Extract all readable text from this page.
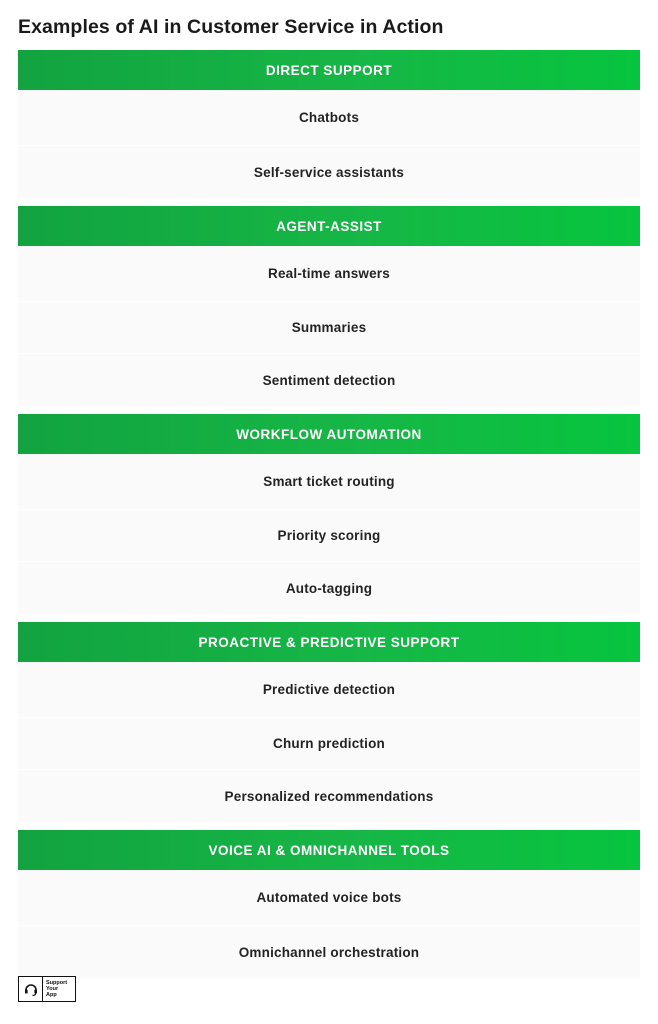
Examples of AI in Customer Service in Action
DIRECT SUPPORT
Chatbots
Self-service assistants
AGENT-ASSIST
Real-time answers
Summaries
Sentiment detection
WORKFLOW AUTOMATION
Smart ticket routing
Priority scoring
Auto-tagging
PROACTIVE & PREDICTIVE SUPPORT
Predictive detection
Churn prediction
Personalized recommendations
VOICE AI & OMNICHANNEL TOOLS
Automated voice bots
Omnichannel orchestration
Support
Your
App
